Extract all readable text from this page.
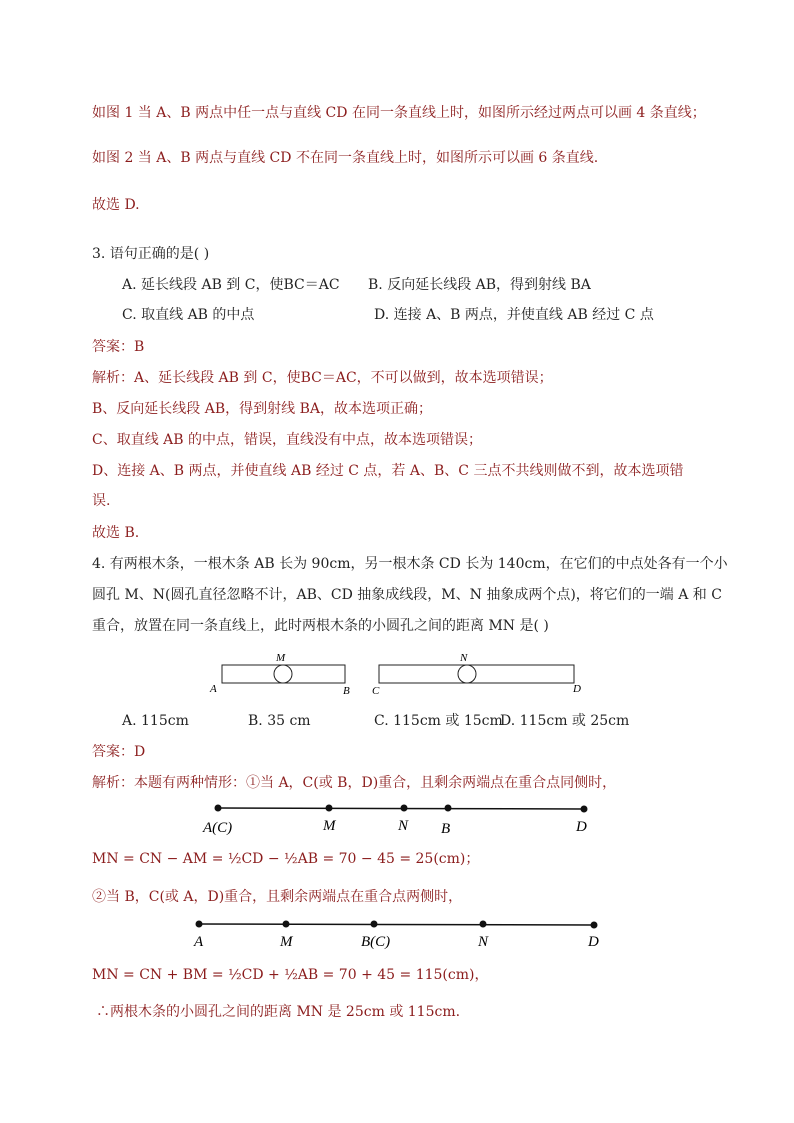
如图 1 当 A、B 两点中任一点与直线 CD 在同一条直线上时，如图所示经过两点可以画 4 条直线；
如图 2 当 A、B 两点与直线 CD 不在同一条直线上时，如图所示可以画 6 条直线.
故选 D.
3. 语句正确的是( )
A. 延长线段 AB 到 C，使BC＝AC B. 反向延长线段 AB，得到射线 BA
C. 取直线 AB 的中点	D. 连接 A、B 两点，并使直线 AB 经过 C 点
答案：B
解析：A、延长线段 AB 到 C，使BC＝AC，不可以做到，故本选项错误；
B、反向延长线段 AB，得到射线 BA，故本选项正确；
C、取直线 AB 的中点，错误，直线没有中点，故本选项错误；
D、连接 A、B 两点，并使直线 AB 经过 C 点，若 A、B、C 三点不共线则做不到，故本选项错
误.
故选 B.
4. 有两根木条，一根木条 AB 长为 90cm，另一根木条 CD 长为 140cm，在它们的中点处各有一个小
圆孔 M、N(圆孔直径忽略不计，AB、CD 抽象成线段，M、N 抽象成两个点)，将它们的一端 A 和 C
重合，放置在同一条直线上，此时两根木条的小圆孔之间的距离 MN 是( )
M
A	B
N
C	D
A. 115cm	B. 35 cm	C. 115cm 或 15cm
D. 115cm 或 25cm
答案：D
解析：本题有两种情形：①当 A，C(或 B，D)重合，且剩余两端点在重合点同侧时，
A(C)	M	N B	D
MN = CN − AM = ½CD − ½AB = 70 − 45 = 25(cm)；
②当 B，C(或 A，D)重合，且剩余两端点在重合点两侧时，
A	M	B(C)	N	D
MN = CN + BM = ½CD + ½AB = 70 + 45 = 115(cm)，
∴两根木条的小圆孔之间的距离 MN 是 25cm 或 115cm.
